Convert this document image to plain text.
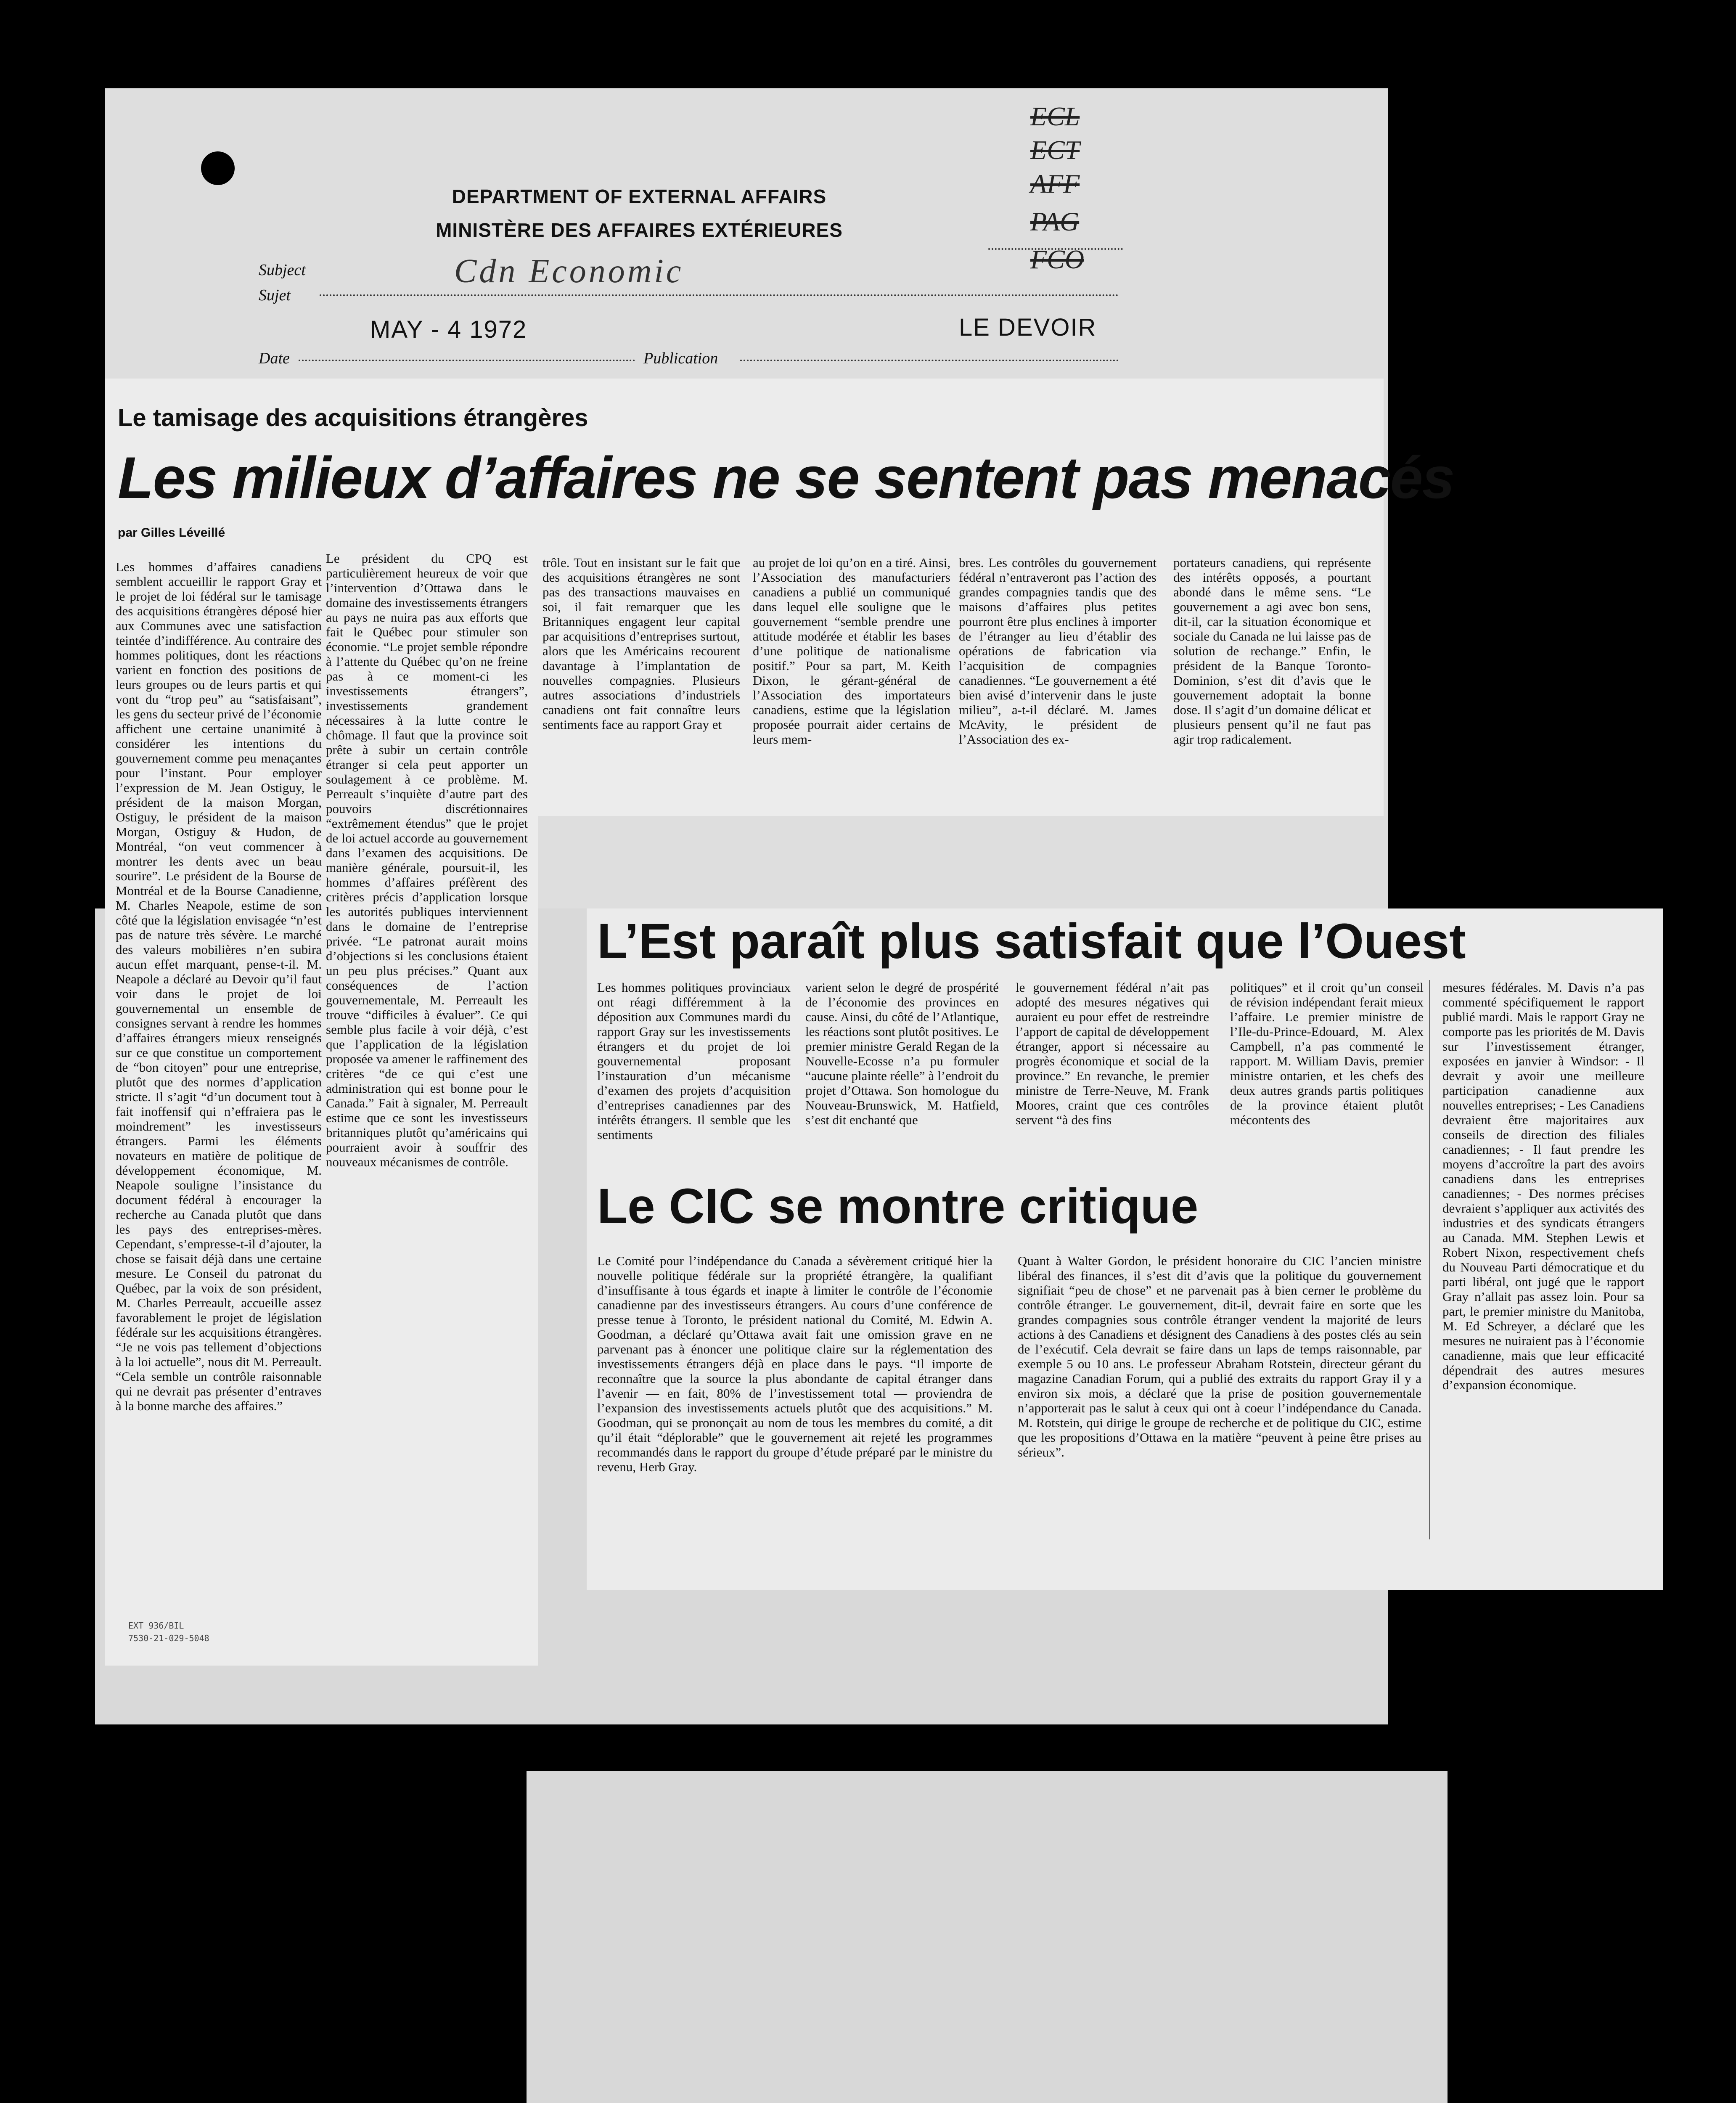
DEPARTMENT OF EXTERNAL AFFAIRS
MINISTÈRE DES AFFAIRES EXTÉRIEURES
ECL
ECT
AFF
PAG
FCO
Subject
Sujet
Cdn Economic
MAY - 4 1972	LE DEVOIR
Date	Publication
Le tamisage des acquisitions étrangères
Les milieux d’affaires ne se sentent pas menacés
par Gilles Léveillé
Les hommes d’affaires canadiens semblent accueillir le rapport Gray et le projet de loi fédéral sur le tamisage des acquisitions étrangères déposé hier aux Communes avec une satisfaction teintée d’indifférence. Au contraire des hommes politiques, dont les réactions varient en fonction des positions de leurs groupes ou de leurs partis et qui vont du “trop peu” au “satisfaisant”, les gens du secteur privé de l’économie affichent une certaine unanimité à considérer les intentions du gouvernement comme peu menaçantes pour l’instant. Pour employer l’expression de M. Jean Ostiguy, le président de la maison Morgan, Ostiguy, le président de la maison Morgan, Ostiguy & Hudon, de Montréal, “on veut commencer à montrer les dents avec un beau sourire”. Le président de la Bourse de Montréal et de la Bourse Canadienne, M. Charles Neapole, estime de son côté que la législation envisagée “n’est pas de nature très sévère. Le marché des valeurs mobilières n’en subira aucun effet marquant, pense-t-il. M. Neapole a déclaré au Devoir qu’il faut voir dans le projet de loi gouvernemental un ensemble de consignes servant à rendre les hommes d’affaires étrangers mieux renseignés sur ce que constitue un comportement de “bon citoyen” pour une entreprise, plutôt que des normes d’application stricte. Il s’agit “d’un document tout à fait inoffensif qui n’effraiera pas le moindrement” les investisseurs étrangers. Parmi les éléments novateurs en matière de politique de développement économique, M. Neapole souligne l’insistance du document fédéral à encourager la recherche au Canada plutôt que dans les pays des entreprises-mères. Cependant, s’empresse-t-il d’ajouter, la chose se faisait déjà dans une certaine mesure. Le Conseil du patronat du Québec, par la voix de son président, M. Charles Perreault, accueille assez favorablement le projet de législation fédérale sur les acquisitions étrangères. “Je ne vois pas tellement d’objections à la loi actuelle”, nous dit M. Perreault. “Cela semble un contrôle raisonnable qui ne devrait pas présenter d’entraves à la bonne marche des affaires.”
Le président du CPQ est particulièrement heureux de voir que l’intervention d’Ottawa dans le domaine des investissements étrangers au pays ne nuira pas aux efforts que fait le Québec pour stimuler son économie. “Le projet semble répondre à l’attente du Québec qu’on ne freine pas à ce moment-ci les investissements étrangers”, investissements grandement nécessaires à la lutte contre le chômage. Il faut que la province soit prête à subir un certain contrôle étranger si cela peut apporter un soulagement à ce problème. M. Perreault s’inquiète d’autre part des pouvoirs discrétionnaires “extrêmement étendus” que le projet de loi actuel accorde au gouvernement dans l’examen des acquisitions. De manière générale, poursuit-il, les hommes d’affaires préfèrent des critères précis d’application lorsque les autorités publiques interviennent dans le domaine de l’entreprise privée. “Le patronat aurait moins d’objections si les conclusions étaient un peu plus précises.” Quant aux conséquences de l’action gouvernementale, M. Perreault les trouve “difficiles à évaluer”. Ce qui semble plus facile à voir déjà, c’est que l’application de la législation proposée va amener le raffinement des critères “de ce qui c’est une administration qui est bonne pour le Canada.” Fait à signaler, M. Perreault estime que ce sont les investisseurs britanniques plutôt qu’américains qui pourraient avoir à souffrir des nouveaux mécanismes de contrôle.
trôle. Tout en insistant sur le fait que des acquisitions étrangères ne sont pas des transactions mauvaises en soi, il fait remarquer que les Britanniques engagent leur capital par acquisitions d’entreprises surtout, alors que les Américains recourent davantage à l’implantation de nouvelles compagnies. Plusieurs autres associations d’industriels canadiens ont fait connaître leurs sentiments face au rapport Gray et
au projet de loi qu’on en a tiré. Ainsi, l’Association des manufacturiers canadiens a publié un communiqué dans lequel elle souligne que le gouvernement “semble prendre une attitude modérée et établir les bases d’une politique de nationalisme positif.” Pour sa part, M. Keith Dixon, le gérant-général de l’Association des importateurs canadiens, estime que la législation proposée pourrait aider certains de leurs mem-
bres. Les contrôles du gouvernement fédéral n’entraveront pas l’action des grandes compagnies tandis que des maisons d’affaires plus petites pourront être plus enclines à importer de l’étranger au lieu d’établir des opérations de fabrication via l’acquisition de compagnies canadiennes. “Le gouvernement a été bien avisé d’intervenir dans le juste milieu”, a-t-il déclaré. M. James McAvity, le président de l’Association des ex-
portateurs canadiens, qui représente des intérêts opposés, a pourtant abondé dans le même sens. “Le gouvernement a agi avec bon sens, dit-il, car la situation économique et sociale du Canada ne lui laisse pas de solution de rechange.” Enfin, le président de la Banque Toronto-Dominion, s’est dit d’avis que le gouvernement adoptait la bonne dose. Il s’agit d’un domaine délicat et plusieurs pensent qu’il ne faut pas agir trop radicalement.
L’Est paraît plus satisfait que l’Ouest
Les hommes politiques provinciaux ont réagi différemment à la déposition aux Communes mardi du rapport Gray sur les investissements étrangers et du projet de loi gouvernemental proposant l’instauration d’un mécanisme d’examen des projets d’acquisition d’entreprises canadiennes par des intérêts étrangers. Il semble que les sentiments
varient selon le degré de prospérité de l’économie des provinces en cause. Ainsi, du côté de l’Atlantique, les réactions sont plutôt positives. Le premier ministre Gerald Regan de la Nouvelle-Ecosse n’a pu formuler “aucune plainte réelle” à l’endroit du projet d’Ottawa. Son homologue du Nouveau-Brunswick, M. Hatfield, s’est dit enchanté que
le gouvernement fédéral n’ait pas adopté des mesures négatives qui auraient eu pour effet de restreindre l’apport de capital de développement étranger, apport si nécessaire au progrès économique et social de la province.” En revanche, le premier ministre de Terre-Neuve, M. Frank Moores, craint que ces contrôles servent “à des fins
politiques” et il croit qu’un conseil de révision indépendant ferait mieux l’affaire. Le premier ministre de l’Ile-du-Prince-Edouard, M. Alex Campbell, n’a pas commenté le rapport. M. William Davis, premier ministre ontarien, et les chefs des deux autres grands partis politiques de la province étaient plutôt mécontents des
mesures fédérales. M. Davis n’a pas commenté spécifiquement le rapport publié mardi. Mais le rapport Gray ne comporte pas les priorités de M. Davis sur l’investissement étranger, exposées en janvier à Windsor: - Il devrait y avoir une meilleure participation canadienne aux nouvelles entreprises; - Les Canadiens devraient être majoritaires aux conseils de direction des filiales canadiennes; - Il faut prendre les moyens d’accroître la part des avoirs canadiens dans les entreprises canadiennes; - Des normes précises devraient s’appliquer aux activités des industries et des syndicats étrangers au Canada. MM. Stephen Lewis et Robert Nixon, respectivement chefs du Nouveau Parti démocratique et du parti libéral, ont jugé que le rapport Gray n’allait pas assez loin. Pour sa part, le premier ministre du Manitoba, M. Ed Schreyer, a déclaré que les mesures ne nuiraient pas à l’économie canadienne, mais que leur efficacité dépendrait des autres mesures d’expansion économique.
Le CIC se montre critique
Le Comité pour l’indépendance du Canada a sévèrement critiqué hier la nouvelle politique fédérale sur la propriété étrangère, la qualifiant d’insuffisante à tous égards et inapte à limiter le contrôle de l’économie canadienne par des investisseurs étrangers. Au cours d’une conférence de presse tenue à Toronto, le président national du Comité, M. Edwin A. Goodman, a déclaré qu’Ottawa avait fait une omission grave en ne parvenant pas à énoncer une politique claire sur la réglementation des investissements étrangers déjà en place dans le pays. “Il importe de reconnaître que la source la plus abondante de capital étranger dans l’avenir — en fait, 80% de l’investissement total — proviendra de l’expansion des investissements actuels plutôt que des acquisitions.” M. Goodman, qui se prononçait au nom de tous les membres du comité, a dit qu’il était “déplorable” que le gouvernement ait rejeté les programmes recommandés dans le rapport du groupe d’étude préparé par le ministre du revenu, Herb Gray.
Quant à Walter Gordon, le président honoraire du CIC l’ancien ministre libéral des finances, il s’est dit d’avis que la politique du gouvernement signifiait “peu de chose” et ne parvenait pas à bien cerner le problème du contrôle étranger. Le gouvernement, dit-il, devrait faire en sorte que les grandes compagnies sous contrôle étranger vendent la majorité de leurs actions à des Canadiens et désignent des Canadiens à des postes clés au sein de l’exécutif. Cela devrait se faire dans un laps de temps raisonnable, par exemple 5 ou 10 ans. Le professeur Abraham Rotstein, directeur gérant du magazine Canadian Forum, qui a publié des extraits du rapport Gray il y a environ six mois, a déclaré que la prise de position gouvernementale n’apporterait pas le salut à ceux qui ont à coeur l’indépendance du Canada. M. Rotstein, qui dirige le groupe de recherche et de politique du CIC, estime que les propositions d’Ottawa en la matière “peuvent à peine être prises au sérieux”.
EXT 936/BIL
7530-21-029-5048
